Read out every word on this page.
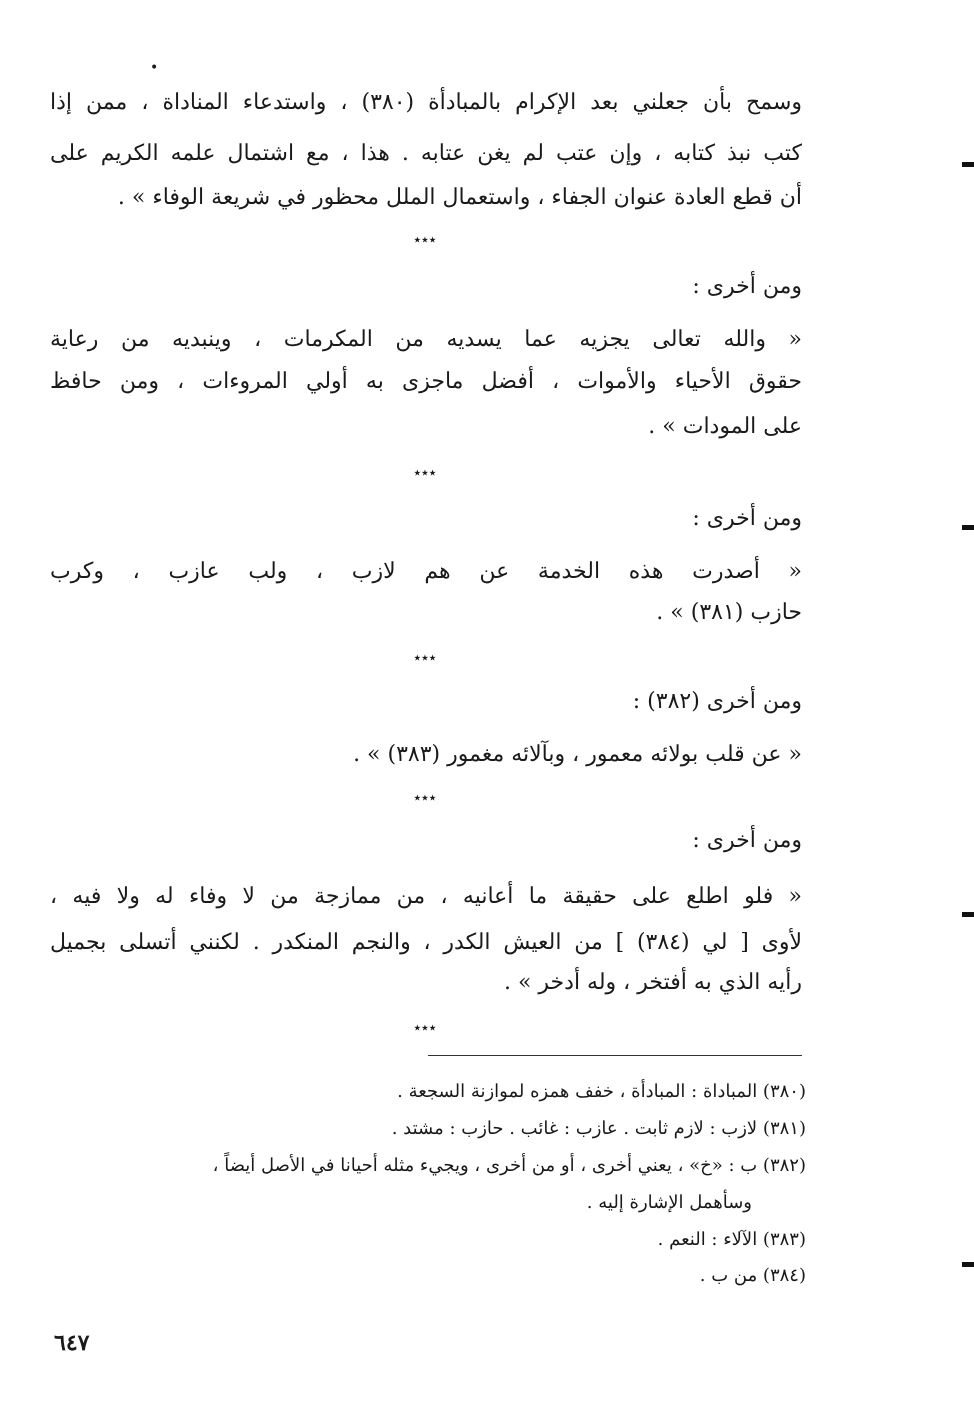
•
وسمح بأن جعلني بعد الإكرام بالمبادأة (٣٨٠) ، واستدعاء المناداة ، ممن إذا
كتب نبذ كتابه ، وإن عتب لم يغن عتابه . هذا ، مع اشتمال علمه الكريم على
أن قطع العادة عنوان الجفاء ، واستعمال الملل محظور في شريعة الوفاء » .
٭٭٭
ومن أخرى :
« والله تعالى يجزيه عما يسديه من المكرمات ، وينبديه من رعاية
حقوق الأحياء والأموات ، أفضل ماجزى به أولي المروءات ، ومن حافظ
على المودات » .
٭٭٭
ومن أخرى :
« أصدرت هذه الخدمة عن هم لازب ، ولب عازب ، وكرب
حازب (٣٨١) » .
٭٭٭
ومن أخرى (٣٨٢) :
« عن قلب بولائه معمور ، وبآلائه مغمور (٣٨٣) » .
٭٭٭
ومن أخرى :
« فلو اطلع على حقيقة ما أعانيه ، من ممازجة من لا وفاء له ولا فيه ،
لأوى [ لي (٣٨٤) ] من العيش الكدر ، والنجم المنكدر . لكنني أتسلى بجميل
رأيه الذي به أفتخر ، وله أدخر » .
٭٭٭
(٣٨٠) المباداة : المبادأة ، خفف همزه لموازنة السجعة .
(٣٨١) لازب : لازم ثابت . عازب : غائب . حازب : مشتد .
(٣٨٢) ب : «خ» ، يعني أخرى ، أو من أخرى ، ويجيء مثله أحيانا في الأصل أيضاً ،
وسأهمل الإشارة إليه .
(٣٨٣) الآلاء : النعم .
(٣٨٤) من ب .
٦٤٧
